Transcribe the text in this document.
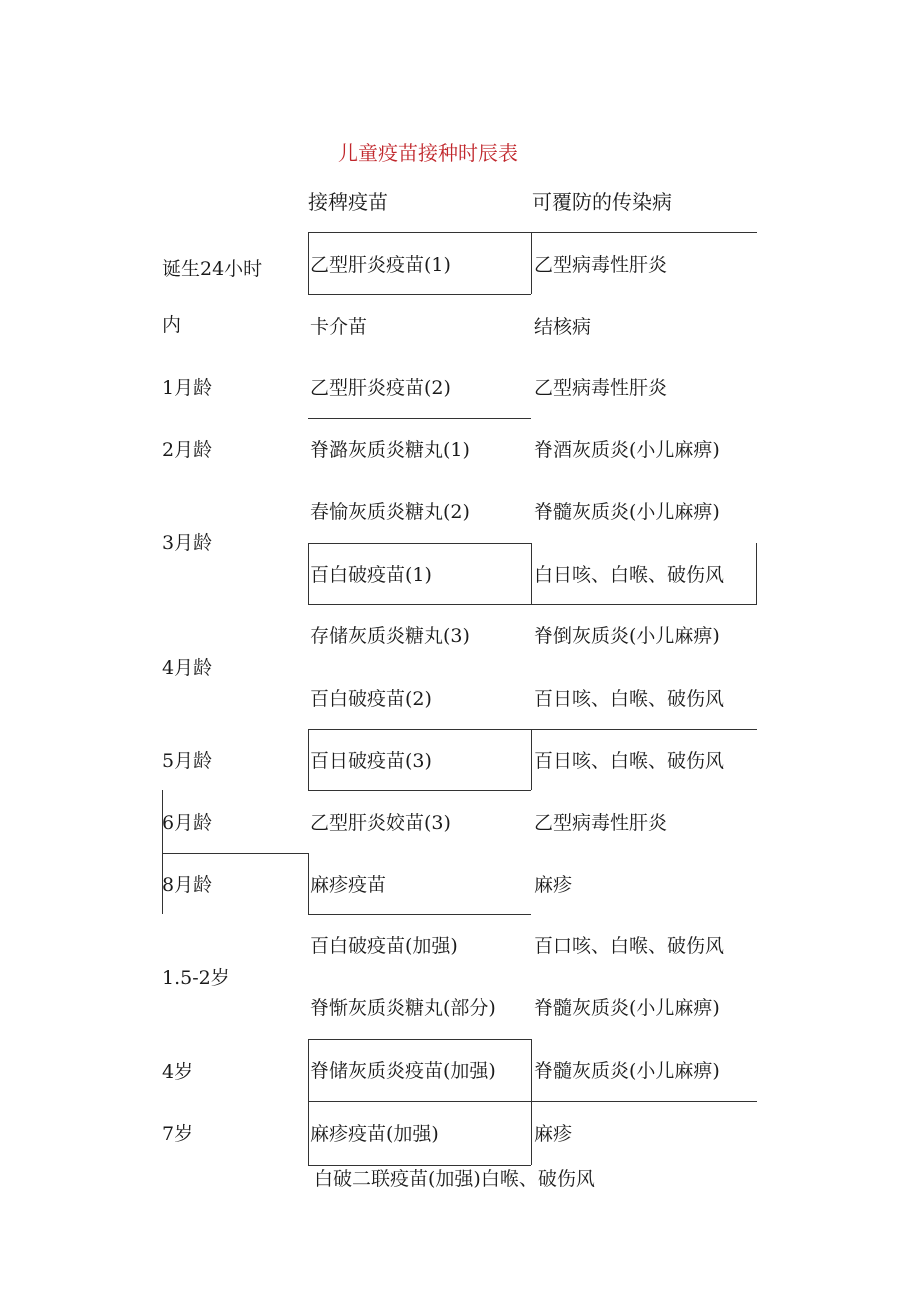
儿童疫苗接种时辰表
接稗疫苗	可覆防的传染病
诞生24小时
内
1月龄
2月龄
3月龄
4月龄
5月龄
6月龄
8月龄
1.5-2岁
4岁
7岁
乙型肝炎疫苗(1)
卡介苗
乙型肝炎疫苗(2)
脊潞灰质炎糖丸(1)
春愉灰质炎糖丸(2)
百白破疫苗(1)
存储灰质炎糖丸(3)
百白破疫苗(2)
百日破疫苗(3)
乙型肝炎姣苗(3)
麻疹疫苗
百白破疫苗(加强)
脊惭灰质炎糖丸(部分)
脊储灰质炎疫苗(加强)
麻疹疫苗(加强)
乙型病毒性肝炎
结核病
乙型病毒性肝炎
脊酒灰质炎(小儿麻痹)
脊髓灰质炎(小儿麻痹)
白日咳、白喉、破伤风
脊倒灰质炎(小儿麻痹)
百日咳、白喉、破伤风
百日咳、白喉、破伤风
乙型病毒性肝炎
麻疹
百口咳、白喉、破伤风
脊髓灰质炎(小儿麻痹)
脊髓灰质炎(小儿麻痹)
麻疹
白破二联疫苗(加强)白喉、破伤风
